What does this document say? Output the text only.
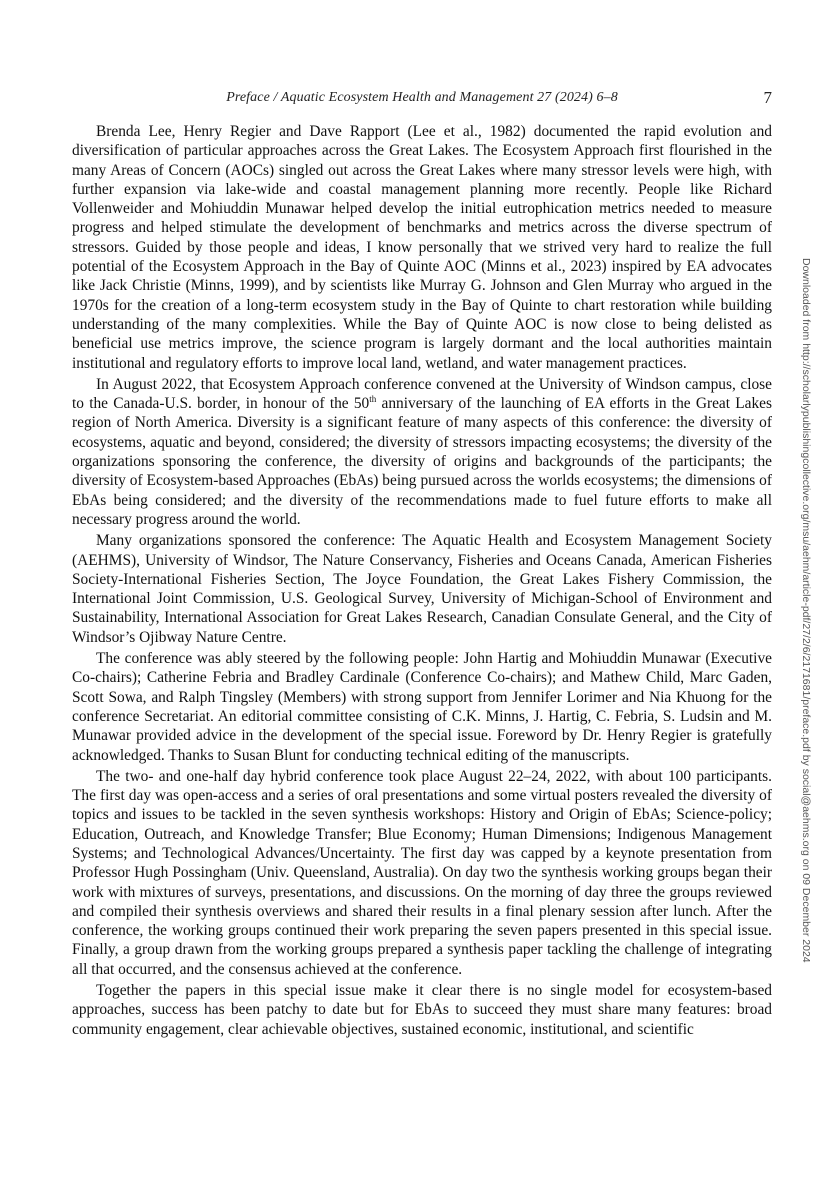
Preface / Aquatic Ecosystem Health and Management 27 (2024) 6–8	7

Brenda Lee, Henry Regier and Dave Rapport (Lee et al., 1982) documented the rapid evolution and diversification of particular approaches across the Great Lakes. The Ecosystem Approach first flourished in the many Areas of Concern (AOCs) singled out across the Great Lakes where many stressor levels were high, with further expansion via lake-wide and coastal management planning more recently. People like Richard Vollenweider and Mohiuddin Munawar helped develop the initial eutrophication metrics needed to measure progress and helped stimulate the development of benchmarks and metrics across the diverse spectrum of stressors. Guided by those people and ideas, I know personally that we strived very hard to realize the full potential of the Ecosystem Approach in the Bay of Quinte AOC (Minns et al., 2023) inspired by EA advocates like Jack Christie (Minns, 1999), and by scientists like Murray G. Johnson and Glen Murray who argued in the 1970s for the creation of a long-term ecosystem study in the Bay of Quinte to chart restoration while building understanding of the many complexities. While the Bay of Quinte AOC is now close to being delisted as beneficial use metrics improve, the science program is largely dormant and the local authorities maintain institutional and regulatory efforts to improve local land, wetland, and water management practices.

In August 2022, that Ecosystem Approach conference convened at the University of Windson campus, close to the Canada-U.S. border, in honour of the 50th anniversary of the launching of EA efforts in the Great Lakes region of North America. Diversity is a significant feature of many aspects of this conference: the diversity of ecosystems, aquatic and beyond, considered; the diversity of stressors impacting ecosystems; the diversity of the organizations sponsoring the conference, the diversity of origins and backgrounds of the participants; the diversity of Ecosystem-based Approaches (EbAs) being pursued across the worlds ecosystems; the dimensions of EbAs being considered; and the diversity of the recommendations made to fuel future efforts to make all necessary progress around the world.

Many organizations sponsored the conference: The Aquatic Health and Ecosystem Management Society (AEHMS), University of Windsor, The Nature Conservancy, Fisheries and Oceans Canada, American Fisheries Society-International Fisheries Section, The Joyce Foundation, the Great Lakes Fishery Commission, the International Joint Commission, U.S. Geological Survey, University of Michigan-School of Environment and Sustainability, International Association for Great Lakes Research, Canadian Consulate General, and the City of Windsor’s Ojibway Nature Centre.

The conference was ably steered by the following people: John Hartig and Mohiuddin Munawar (Executive Co-chairs); Catherine Febria and Bradley Cardinale (Conference Co-chairs); and Mathew Child, Marc Gaden, Scott Sowa, and Ralph Tingsley (Members) with strong support from Jennifer Lorimer and Nia Khuong for the conference Secretariat. An editorial committee consisting of C.K. Minns, J. Hartig, C. Febria, S. Ludsin and M. Munawar provided advice in the development of the special issue. Foreword by Dr. Henry Regier is gratefully acknowledged. Thanks to Susan Blunt for conducting technical editing of the manuscripts.

The two- and one-half day hybrid conference took place August 22–24, 2022, with about 100 participants. The first day was open-access and a series of oral presentations and some virtual posters revealed the diversity of topics and issues to be tackled in the seven synthesis workshops: History and Origin of EbAs; Science-policy; Education, Outreach, and Knowledge Transfer; Blue Economy; Human Dimensions; Indigenous Management Systems; and Technological Advances/Uncertainty. The first day was capped by a keynote presentation from Professor Hugh Possingham (Univ. Queensland, Australia). On day two the synthesis working groups began their work with mixtures of surveys, presentations, and discussions. On the morning of day three the groups reviewed and compiled their synthesis overviews and shared their results in a final plenary session after lunch. After the conference, the working groups continued their work preparing the seven papers presented in this special issue. Finally, a group drawn from the working groups prepared a synthesis paper tackling the challenge of integrating all that occurred, and the consensus achieved at the conference.

Together the papers in this special issue make it clear there is no single model for ecosystem-based approaches, success has been patchy to date but for EbAs to succeed they must share many features: broad community engagement, clear achievable objectives, sustained economic, institutional, and scientific

Downloaded from http://scholarlypublishingcollective.org/msu/aehm/article-pdf/27/2/6/2171681/preface.pdf by social@aehms.org on 09 December 2024
